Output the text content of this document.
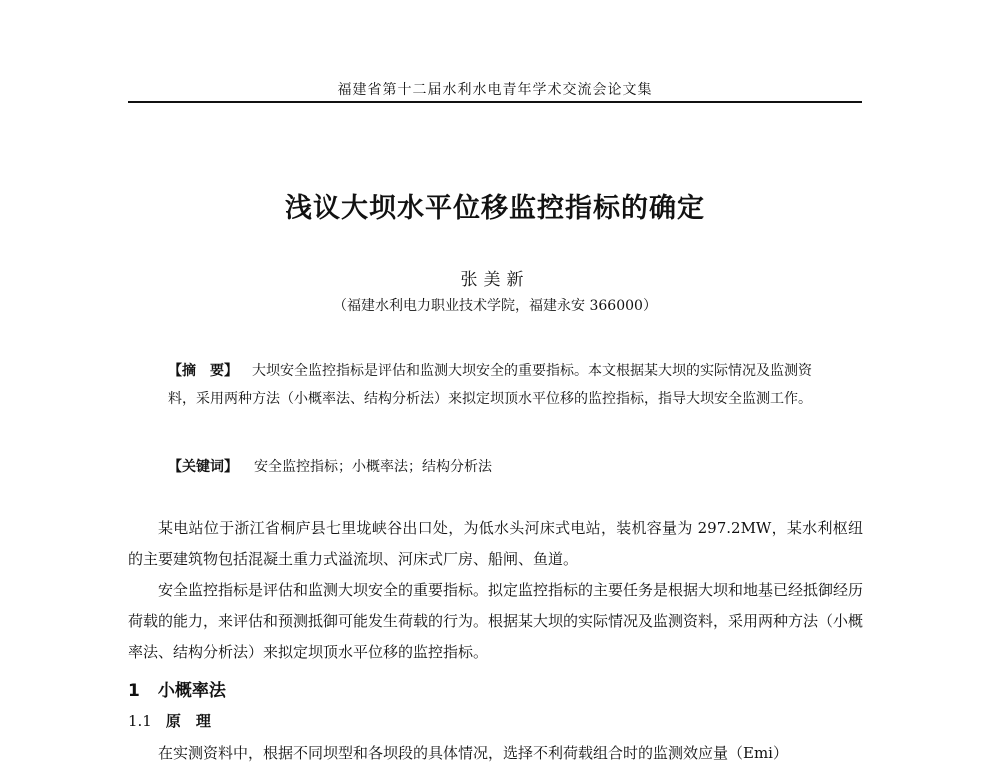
福建省第十二届水利水电青年学术交流会论文集
浅议大坝水平位移监控指标的确定
张美新
（福建水利电力职业技术学院，福建永安 366000）
【摘　要】 大坝安全监控指标是评估和监测大坝安全的重要指标。本文根据某大坝的实际情况及监测资料，采用两种方法（小概率法、结构分析法）来拟定坝顶水平位移的监控指标，指导大坝安全监测工作。
【关键词】 安全监控指标；小概率法；结构分析法
某电站位于浙江省桐庐县七里垅峡谷出口处，为低水头河床式电站，装机容量为 297.2MW，某水利枢纽的主要建筑物包括混凝土重力式溢流坝、河床式厂房、船闸、鱼道。
安全监控指标是评估和监测大坝安全的重要指标。拟定监控指标的主要任务是根据大坝和地基已经抵御经历荷载的能力，来评估和预测抵御可能发生荷载的行为。根据某大坝的实际情况及监测资料，采用两种方法（小概率法、结构分析法）来拟定坝顶水平位移的监控指标。
1 小概率法
1.1 原　理
在实测资料中，根据不同坝型和各坝段的具体情况，选择不利荷载组合时的监测效应量（Emi）
